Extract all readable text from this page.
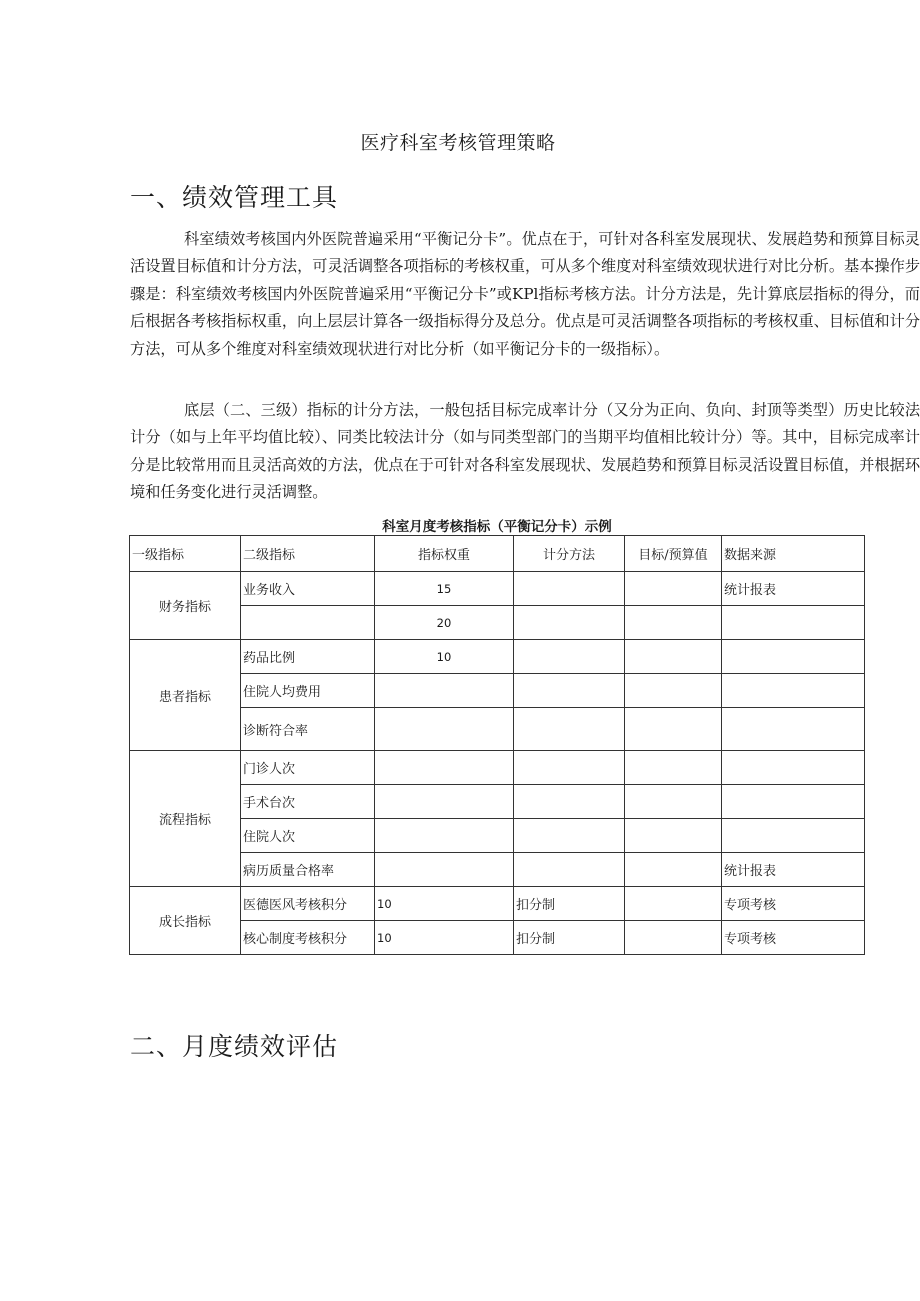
医疗科室考核管理策略
一、绩效管理工具

科室绩效考核国内外医院普遍采用“平衡记分卡”。优点在于，可针对各科室发展现状、发展趋势和预算目标灵活设置目标值和计分方法，可灵活调整各项指标的考核权重，可从多个维度对科室绩效现状进行对比分析。基本操作步骤是：科室绩效考核国内外医院普遍采用“平衡记分卡”或KPl指标考核方法。计分方法是，先计算底层指标的得分，而后根据各考核指标权重，向上层层计算各一级指标得分及总分。优点是可灵活调整各项指标的考核权重、目标值和计分方法，可从多个维度对科室绩效现状进行对比分析（如平衡记分卡的一级指标）。

底层（二、三级）指标的计分方法，一般包括目标完成率计分（又分为正向、负向、封顶等类型）历史比较法计分（如与上年平均值比较）、同类比较法计分（如与同类型部门的当期平均值相比较计分）等。其中，目标完成率计分是比较常用而且灵活高效的方法，优点在于可针对各科室发展现状、发展趋势和预算目标灵活设置目标值，并根据环境和任务变化进行灵活调整。

科室月度考核指标（平衡记分卡）示例
一级指标	二级指标	指标权重	计分方法	目标/预算值	数据来源
财务指标	业务收入	15			统计报表
		20			
患者指标	药品比例	10			
	住院人均费用				
	诊断符合率				
流程指标	门诊人次				
	手术台次				
	住院人次				
	病历质量合格率				统计报表
成长指标	医德医风考核积分	10	扣分制		专项考核
	核心制度考核积分	10	扣分制		专项考核
二、月度绩效评估
